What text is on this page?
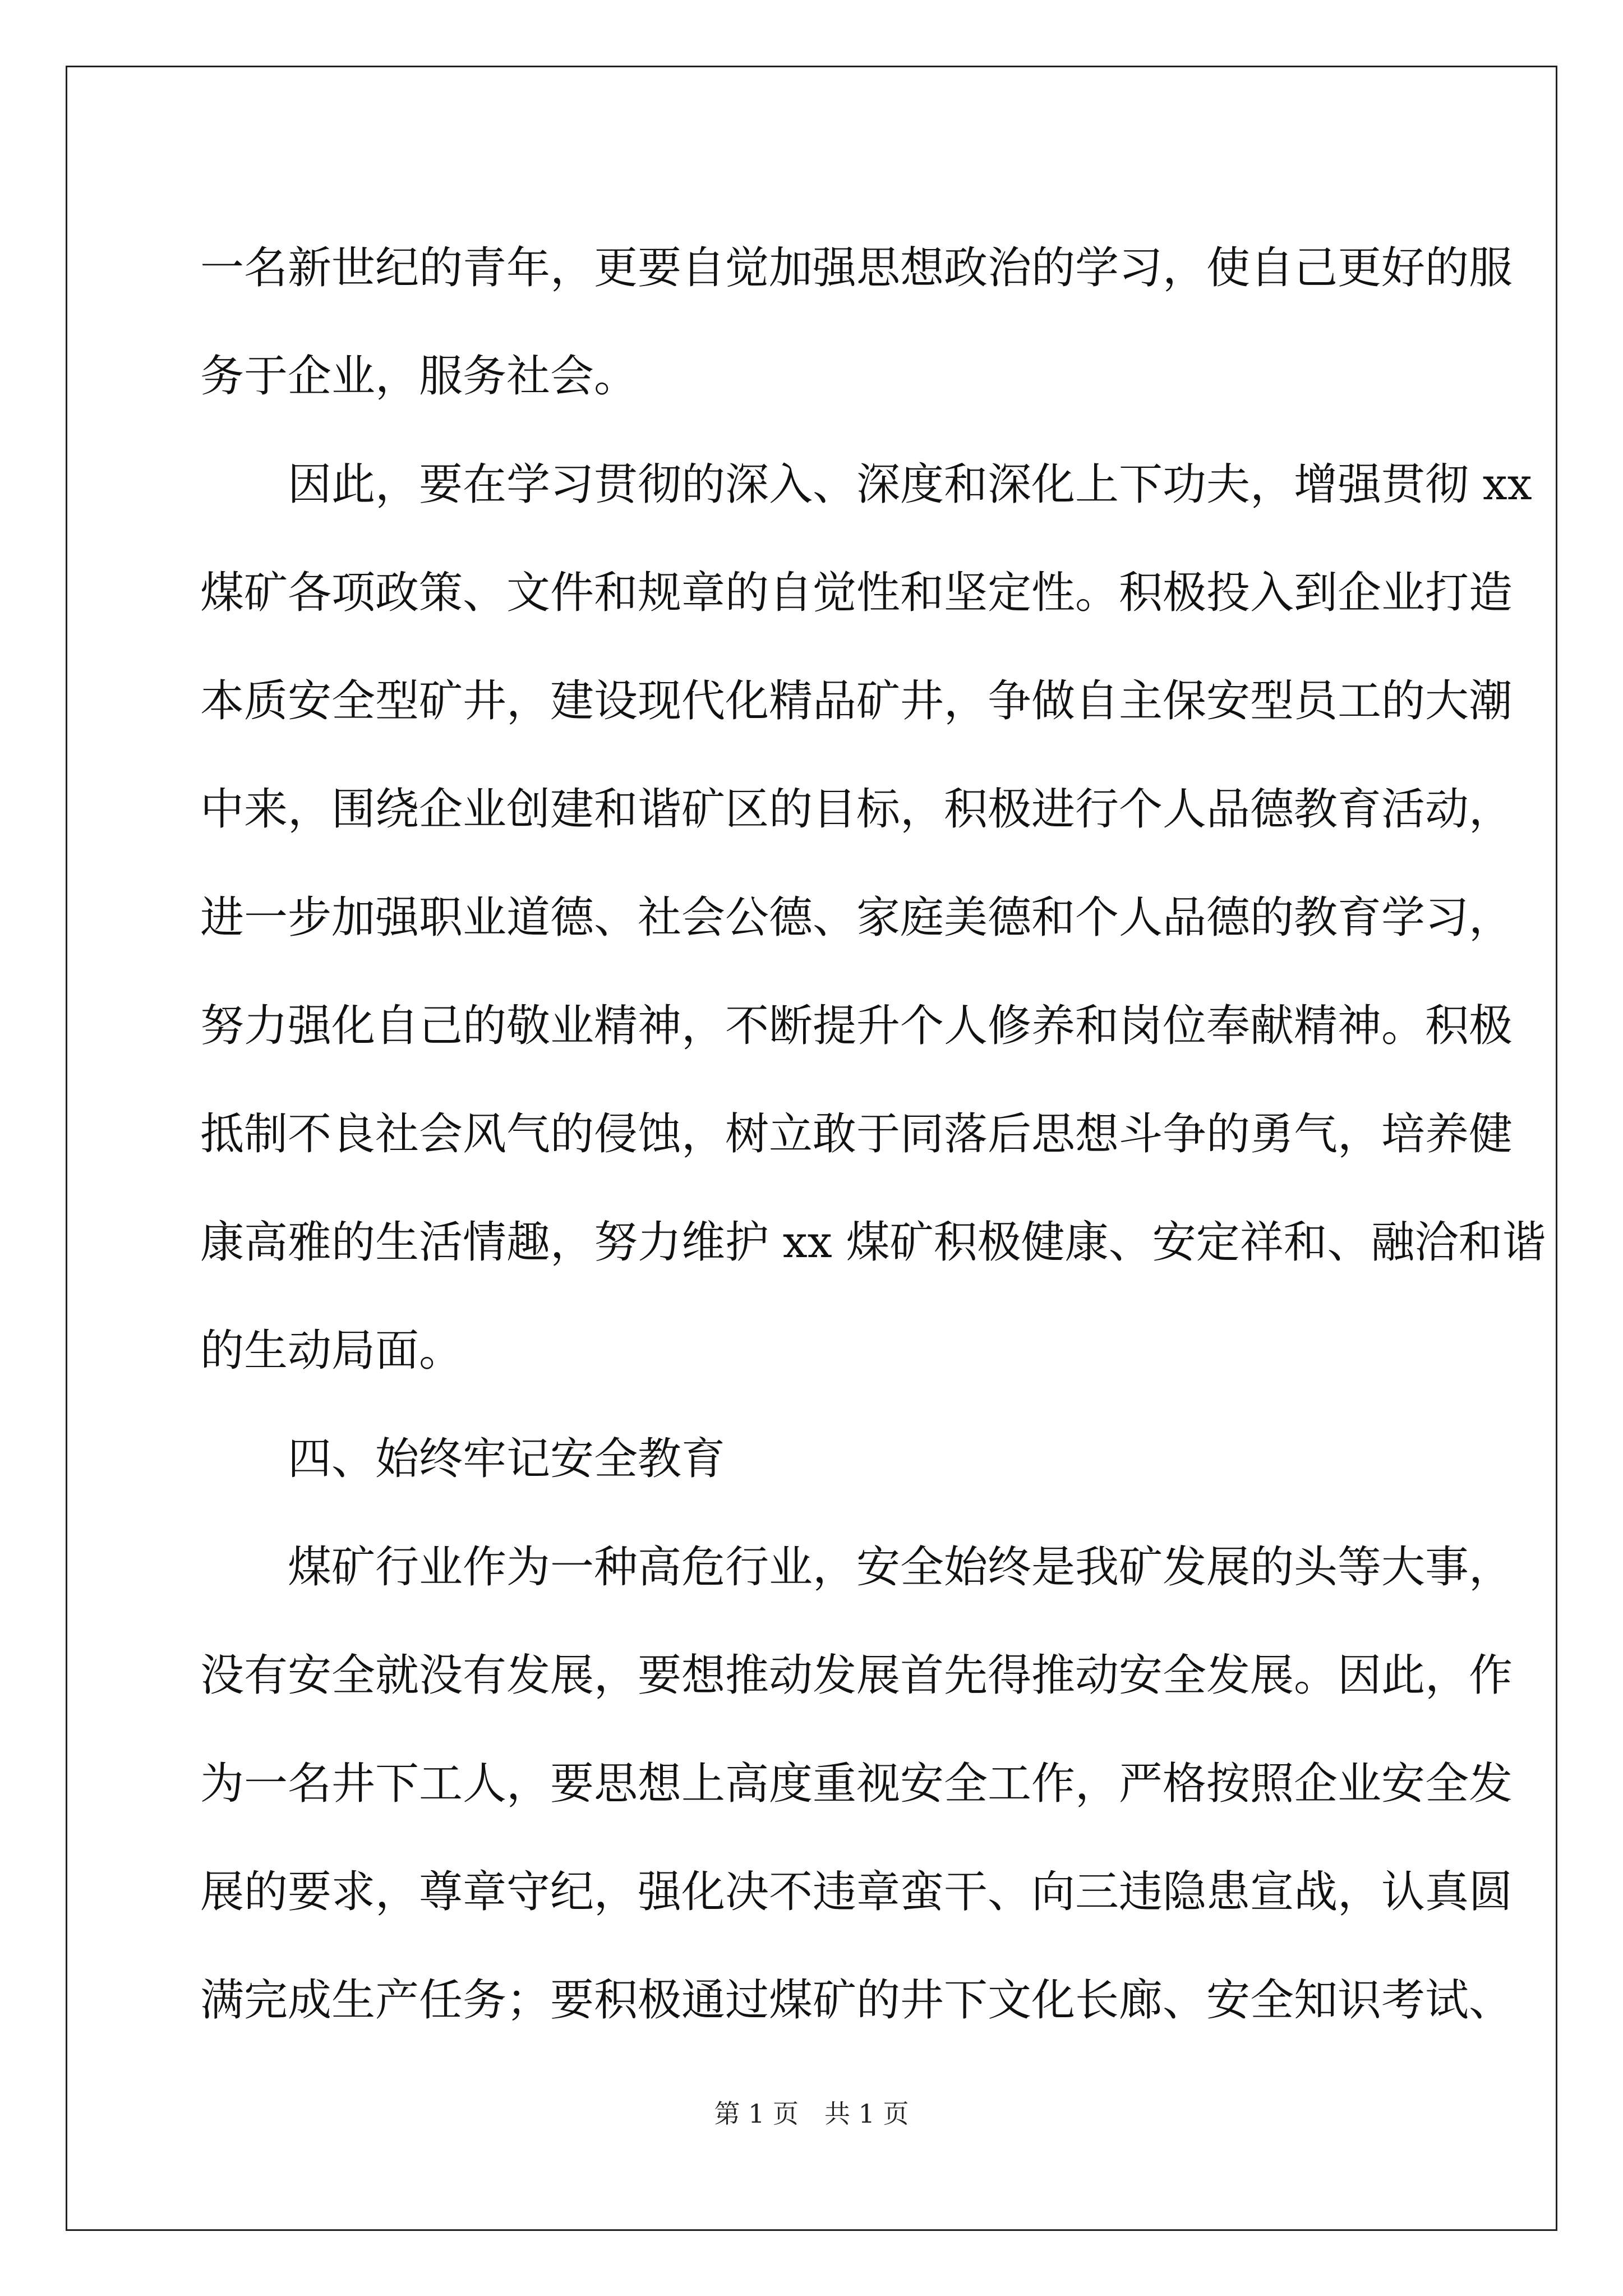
一名新世纪的青年，更要自觉加强思想政治的学习，使自己更好的服
务于企业，服务社会。
因此，要在学习贯彻的深入、深度和深化上下功夫，增强贯彻 xx
煤矿各项政策、文件和规章的自觉性和坚定性。积极投入到企业打造
本质安全型矿井，建设现代化精品矿井，争做自主保安型员工的大潮
中来，围绕企业创建和谐矿区的目标，积极进行个人品德教育活动，
进一步加强职业道德、社会公德、家庭美德和个人品德的教育学习，
努力强化自己的敬业精神，不断提升个人修养和岗位奉献精神。积极
抵制不良社会风气的侵蚀，树立敢于同落后思想斗争的勇气，培养健
康高雅的生活情趣，努力维护 xx 煤矿积极健康、安定祥和、融洽和谐
的生动局面。
四、始终牢记安全教育
煤矿行业作为一种高危行业，安全始终是我矿发展的头等大事，
没有安全就没有发展，要想推动发展首先得推动安全发展。因此，作
为一名井下工人，要思想上高度重视安全工作，严格按照企业安全发
展的要求，尊章守纪，强化决不违章蛮干、向三违隐患宣战，认真圆
满完成生产任务；要积极通过煤矿的井下文化长廊、安全知识考试、
第 1 页 共 1 页
